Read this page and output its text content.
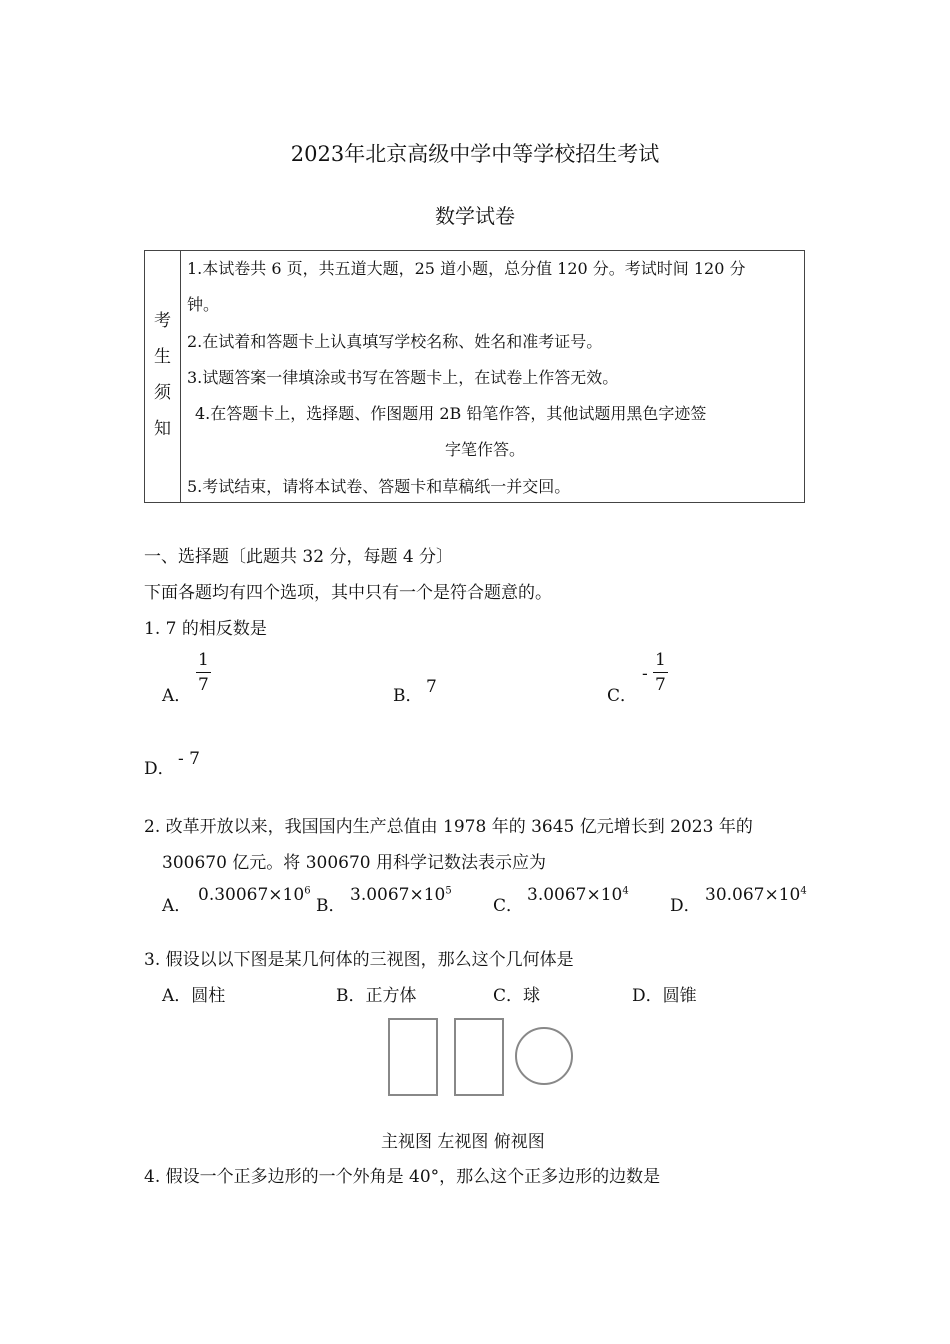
2023年北京高级中学中等学校招生考试
数学试卷
考
生
须
知
1.本试卷共 6 页，共五道大题，25 道小题，总分值 120 分。考试时间 120 分
钟。
2.在试着和答题卡上认真填写学校名称、姓名和准考证号。
3.试题答案一律填涂或书写在答题卡上，在试卷上作答无效。
4.在答题卡上，选择题、作图题用 2B 铅笔作答，其他试题用黑色字迹签
字笔作答。
5.考试结束，请将本试卷、答题卡和草稿纸一并交回。
一、选择题〔此题共 32 分，每题 4 分〕
下面各题均有四个选项，其中只有一个是符合题意的。
1. 7 的相反数是
A．
1
7
B． 7	C．
-
1
7
D． - 7
2. 改革开放以来，我国国内生产总值由 1978 年的 3645 亿元增长到 2023 年的
300670 亿元。将 300670 用科学记数法表示应为
A．
$0.30067\times 10^6$
B．
$3.0067\times 10^5$
C．
$3.0067\times 10^4$
D．
$30.067\times 10^4$
3. 假设以以下图是某几何体的三视图，那么这个几何体是
A．圆柱	B．正方体	C．球	D．圆锥
主视图 左视图 俯视图
4. 假设一个正多边形的一个外角是 40°，那么这个正多边形的边数是
